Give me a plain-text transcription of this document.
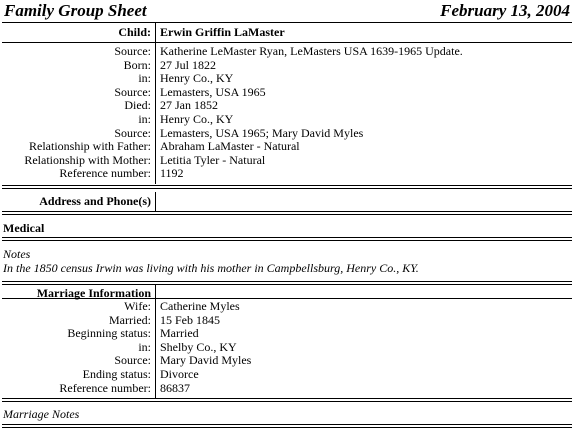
Family Group Sheet	February 13, 2004
Child: Erwin Griffin LaMaster
Source: Katherine LeMaster Ryan, LeMasters USA 1639-1965 Update.
Born: 27 Jul 1822
in: Henry Co., KY
Source: Lemasters, USA 1965
Died: 27 Jan 1852
in: Henry Co., KY
Source: Lemasters, USA 1965; Mary David Myles
Relationship with Father: Abraham LaMaster - Natural
Relationship with Mother: Letitia Tyler - Natural
Reference number: 1192
Address and Phone(s)
Medical
Notes
In the 1850 census Irwin was living with his mother in Campbellsburg, Henry Co., KY.
Marriage Information
Wife: Catherine Myles
Married: 15 Feb 1845
Beginning status: Married
in: Shelby Co., KY
Source: Mary David Myles
Ending status: Divorce
Reference number: 86837
Marriage Notes
